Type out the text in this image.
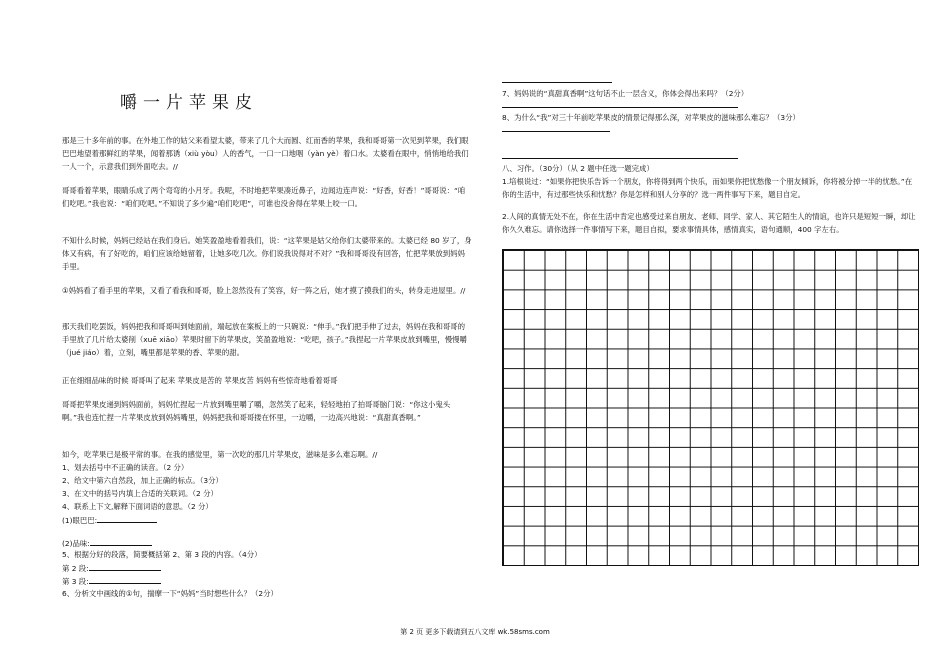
嚼一片苹果皮
那是三十多年前的事。在外地工作的姑父来看望太婆，带来了几个大而圆、红而香的苹果，我和哥哥第一次见到苹果，我们眼巴巴地望着那鲜红的苹果，闻着那诱（xiù yòu）人的香气，一口一口地咽（yàn yè）着口水。太婆看在眼中，悄悄地给我们一人一个，示意我们到外面吃去。//
哥哥看着苹果，眼睛乐成了两个弯弯的小月牙。我呢，不时地把苹果凑近鼻子，边闻边连声说：“好香，好香！”哥哥说：“咱们吃吧。”我也说：“咱们吃吧。”不知说了多少遍“咱们吃吧”，可谁也没舍得在苹果上咬一口。
不知什么时候，妈妈已经站在我们身后。她笑盈盈地看着我们，说：“这苹果是姑父给你们太婆带来的。太婆已经 80 岁了，身体又有病，有了好吃的，咱们应该给她留着，让她多吃几次。你们说我说得对不对？”我和哥哥没有回答，忙把苹果放到妈妈手里。
①妈妈看了看手里的苹果，又看了看我和哥哥，脸上忽然没有了笑容，好一阵之后，她才摸了摸我们的头，转身走进屋里。//
那天我们吃罢饭，妈妈把我和哥哥叫到她面前，端起放在案板上的一只碗说：“伸手。”我们把手伸了过去，妈妈在我和哥哥的手里放了几片给太婆削（xuē xiāo）苹果时留下的苹果皮，笑盈盈地说：“吃吧，孩子。”我捏起一片苹果皮放到嘴里，慢慢嚼（jué jiáo）着，立刻，嘴里都是苹果的香、苹果的甜。
正在细细品味的时候 哥哥叫了起来 苹果皮是苦的 苹果皮苦 妈妈有些惊奇地看着哥哥
哥哥把苹果皮递到妈妈面前，妈妈忙捏起一片放到嘴里嚼了嚼，忽然笑了起来，轻轻地拍了拍哥哥脑门说：“你这小鬼头啊。”我也连忙捏一片苹果皮放到妈妈嘴里，妈妈把我和哥哥搂在怀里，一边嚼，一边高兴地说：“真甜真香啊。”
如今，吃苹果已是极平常的事。在我的感觉里，第一次吃的那几片苹果皮，滋味是多么难忘啊。//
1、划去括号中不正确的读音。（2 分）
2、给文中第六自然段，加上正确的标点。（3分）
3、在文中的括号内填上合适的关联词。（2 分）
4、联系上下文,解释下面词语的意思。（2 分）
(1)眼巴巴:
(2)品味:
5、根据分好的段落，简要概括第 2、第 3 段的内容。（4分）
第 2 段:
第 3 段:
6、分析文中画线的①句，揣摩一下“妈妈”当时想些什么？（2分）
7、妈妈说的“真甜真香啊”这句话不止一层含义，你体会得出来吗？（2分）
8、为什么“我”对三十年前吃苹果皮的情景记得那么深，对苹果皮的滋味那么难忘？（3分）
八、习作。（30分）（从 2 题中任选一题完成）
1.培根说过：“如果你把快乐告诉一个朋友，你将得到两个快乐，而如果你把忧愁像一个朋友倾诉，你将被分掉一半的忧愁。”在你的生活中，有过那些快乐和忧愁？你是怎样和别人分享的？选一两件事写下来，题目自定。
2.人间的真情无处不在，你在生活中肯定也感受过来自朋友、老师、同学、家人、其它陌生人的情谊，也许只是短短一瞬，却让你久久难忘。请你选择一件事情写下来，题目自拟，要求事情具体，感情真实，语句通顺，400 字左右。
第 2 页 更多下载请到五八文库 wk.58sms.com
